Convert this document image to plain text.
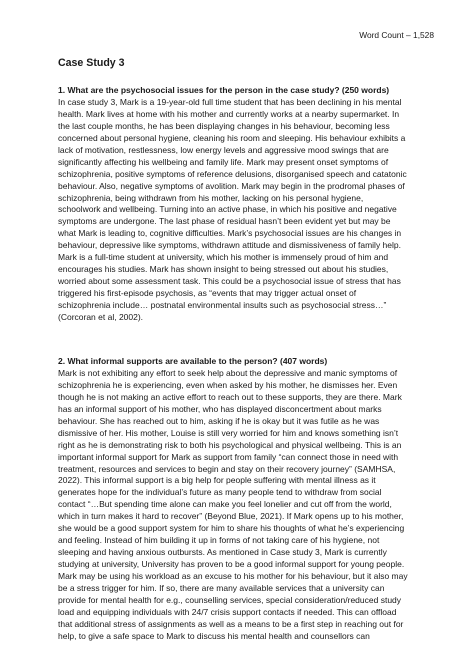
Word Count – 1,528
Case Study 3
1. What are the psychosocial issues for the person in the case study? (250 words)
In case study 3, Mark is a 19-year-old full time student that has been declining in his mental
health. Mark lives at home with his mother and currently works at a nearby supermarket. In
the last couple months, he has been displaying changes in his behaviour, becoming less
concerned about personal hygiene, cleaning his room and sleeping. His behaviour exhibits a
lack of motivation, restlessness, low energy levels and aggressive mood swings that are
significantly affecting his wellbeing and family life. Mark may present onset symptoms of
schizophrenia, positive symptoms of reference delusions, disorganised speech and catatonic
behaviour. Also, negative symptoms of avolition. Mark may begin in the prodromal phases of
schizophrenia, being withdrawn from his mother, lacking on his personal hygiene,
schoolwork and wellbeing. Turning into an active phase, in which his positive and negative
symptoms are undergone. The last phase of residual hasn’t been evident yet but may be
what Mark is leading to, cognitive difficulties. Mark’s psychosocial issues are his changes in
behaviour, depressive like symptoms, withdrawn attitude and dismissiveness of family help.
Mark is a full-time student at university, which his mother is immensely proud of him and
encourages his studies. Mark has shown insight to being stressed out about his studies,
worried about some assessment task. This could be a psychosocial issue of stress that has
triggered his first-episode psychosis, as “events that may trigger actual onset of
schizophrenia include… postnatal environmental insults such as psychosocial stress…”
(Corcoran et al, 2002).
2. What informal supports are available to the person? (407 words)
Mark is not exhibiting any effort to seek help about the depressive and manic symptoms of
schizophrenia he is experiencing, even when asked by his mother, he dismisses her. Even
though he is not making an active effort to reach out to these supports, they are there. Mark
has an informal support of his mother, who has displayed disconcertment about marks
behaviour. She has reached out to him, asking if he is okay but it was futile as he was
dismissive of her. His mother, Louise is still very worried for him and knows something isn’t
right as he is demonstrating risk to both his psychological and physical wellbeing. This is an
important informal support for Mark as support from family “can connect those in need with
treatment, resources and services to begin and stay on their recovery journey” (SAMHSA,
2022). This informal support is a big help for people suffering with mental illness as it
generates hope for the individual’s future as many people tend to withdraw from social
contact “…But spending time alone can make you feel lonelier and cut off from the world,
which in turn makes it hard to recover” (Beyond Blue, 2021). If Mark opens up to his mother,
she would be a good support system for him to share his thoughts of what he’s experiencing
and feeling. Instead of him building it up in forms of not taking care of his hygiene, not
sleeping and having anxious outbursts. As mentioned in Case study 3, Mark is currently
studying at university, University has proven to be a good informal support for young people.
Mark may be using his workload as an excuse to his mother for his behaviour, but it also may
be a stress trigger for him. If so, there are many available services that a university can
provide for mental health for e.g., counselling services, special consideration/reduced study
load and equipping individuals with 24/7 crisis support contacts if needed. This can offload
that additional stress of assignments as well as a means to be a first step in reaching out for
help, to give a safe space to Mark to discuss his mental health and counsellors can
